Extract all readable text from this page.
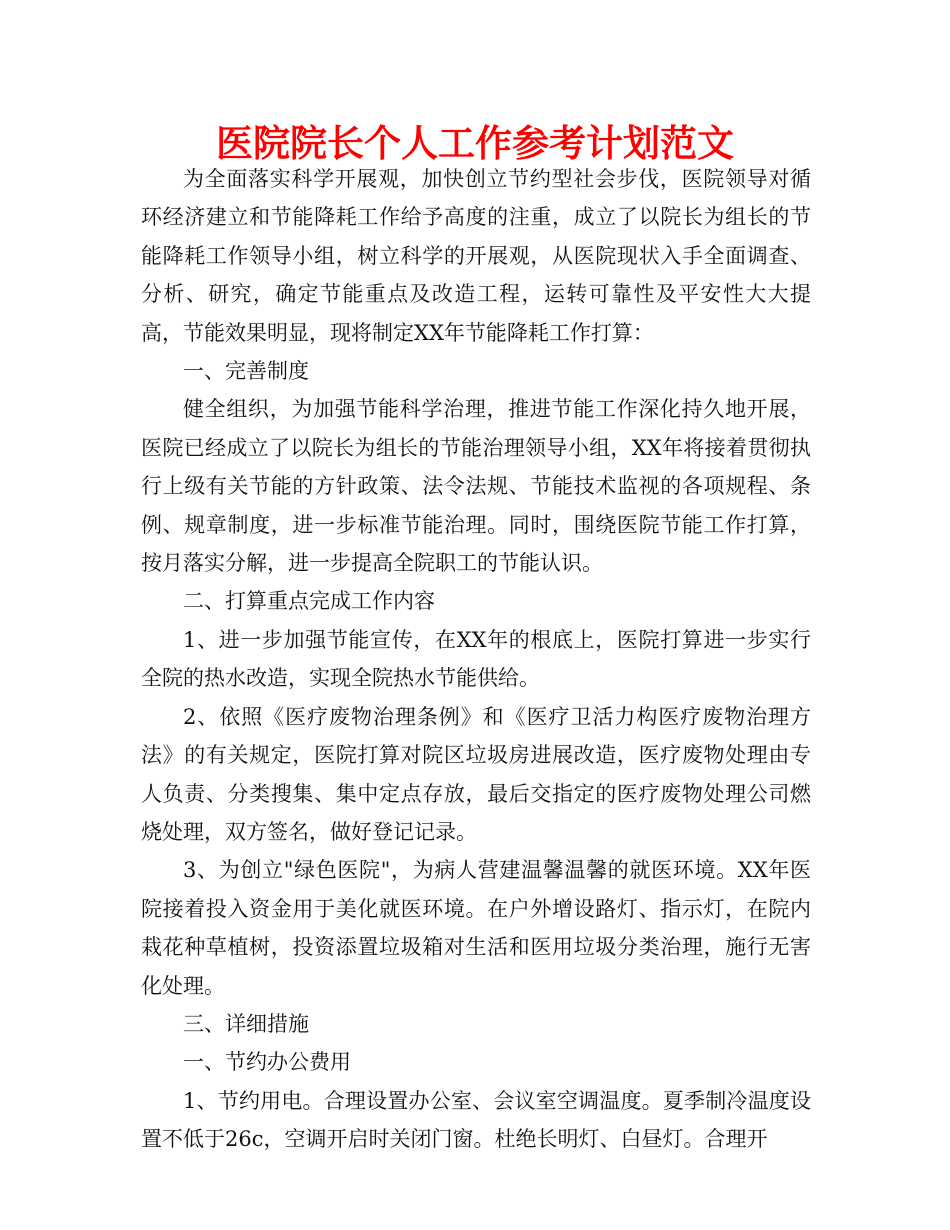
医院院长个人工作参考计划范文

为全面落实科学开展观，加快创立节约型社会步伐，医院领导对循环经济建立和节能降耗工作给予高度的注重，成立了以院长为组长的节能降耗工作领导小组，树立科学的开展观，从医院现状入手全面调查、分析、研究，确定节能重点及改造工程，运转可靠性及平安性大大提高，节能效果明显，现将制定XX年节能降耗工作打算：

一、完善制度

健全组织，为加强节能科学治理，推进节能工作深化持久地开展，医院已经成立了以院长为组长的节能治理领导小组，XX年将接着贯彻执行上级有关节能的方针政策、法令法规、节能技术监视的各项规程、条例、规章制度，进一步标准节能治理。同时，围绕医院节能工作打算，按月落实分解，进一步提高全院职工的节能认识。

二、打算重点完成工作内容

1、进一步加强节能宣传，在XX年的根底上，医院打算进一步实行全院的热水改造，实现全院热水节能供给。

2、依照《医疗废物治理条例》和《医疗卫活力构医疗废物治理方法》的有关规定，医院打算对院区垃圾房进展改造，医疗废物处理由专人负责、分类搜集、集中定点存放，最后交指定的医疗废物处理公司燃烧处理，双方签名，做好登记记录。

3、为创立"绿色医院"，为病人营建温馨温馨的就医环境。XX年医院接着投入资金用于美化就医环境。在户外增设路灯、指示灯，在院内栽花种草植树，投资添置垃圾箱对生活和医用垃圾分类治理，施行无害化处理。

三、详细措施

一、节约办公费用

1、节约用电。合理设置办公室、会议室空调温度。夏季制冷温度设置不低于26c，空调开启时关闭门窗。杜绝长明灯、白昼灯。合理开
